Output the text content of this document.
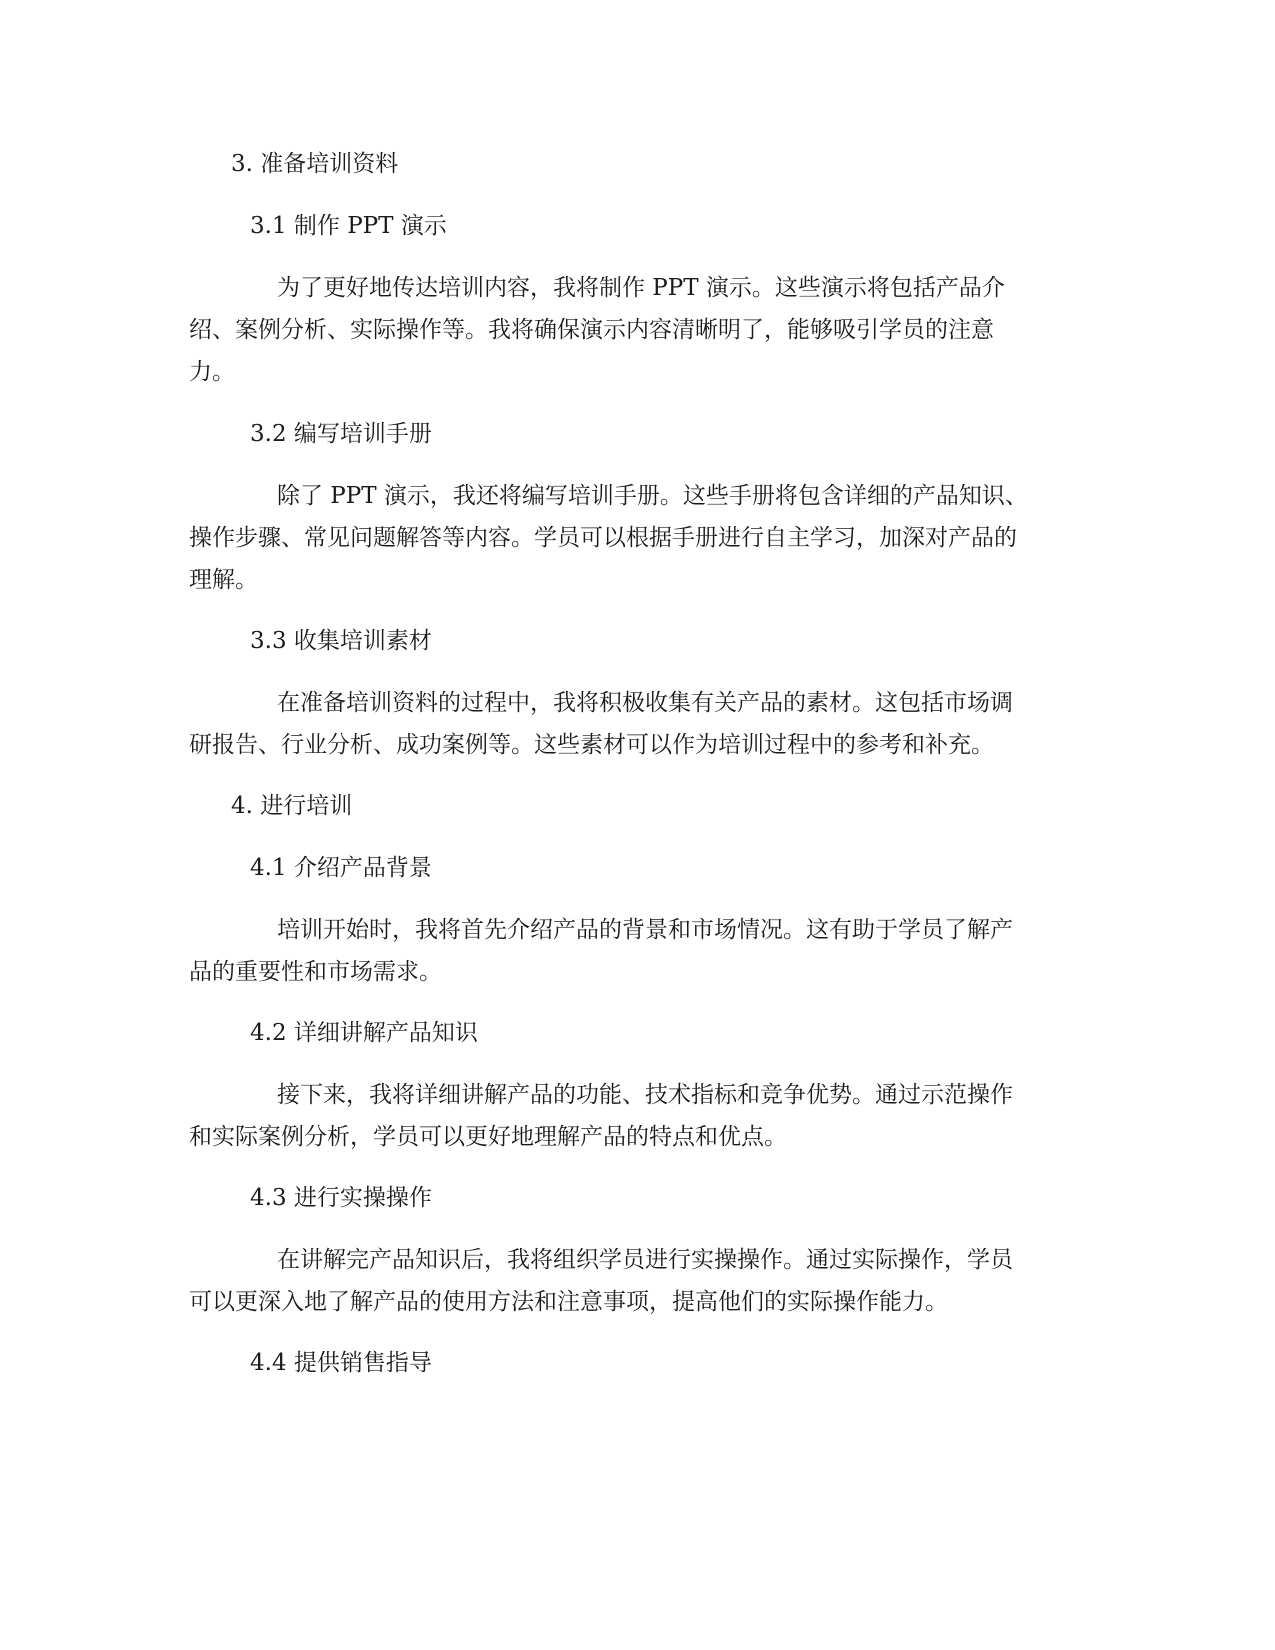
3. 准备培训资料
3.1 制作 PPT 演示
为了更好地传达培训内容，我将制作 PPT 演示。这些演示将包括产品介
绍、案例分析、实际操作等。我将确保演示内容清晰明了，能够吸引学员的注意
力。
3.2 编写培训手册
除了 PPT 演示，我还将编写培训手册。这些手册将包含详细的产品知识、
操作步骤、常见问题解答等内容。学员可以根据手册进行自主学习，加深对产品的
理解。
3.3 收集培训素材
在准备培训资料的过程中，我将积极收集有关产品的素材。这包括市场调
研报告、行业分析、成功案例等。这些素材可以作为培训过程中的参考和补充。
4. 进行培训
4.1 介绍产品背景
培训开始时，我将首先介绍产品的背景和市场情况。这有助于学员了解产
品的重要性和市场需求。
4.2 详细讲解产品知识
接下来，我将详细讲解产品的功能、技术指标和竞争优势。通过示范操作
和实际案例分析，学员可以更好地理解产品的特点和优点。
4.3 进行实操操作
在讲解完产品知识后，我将组织学员进行实操操作。通过实际操作，学员
可以更深入地了解产品的使用方法和注意事项，提高他们的实际操作能力。
4.4 提供销售指导
